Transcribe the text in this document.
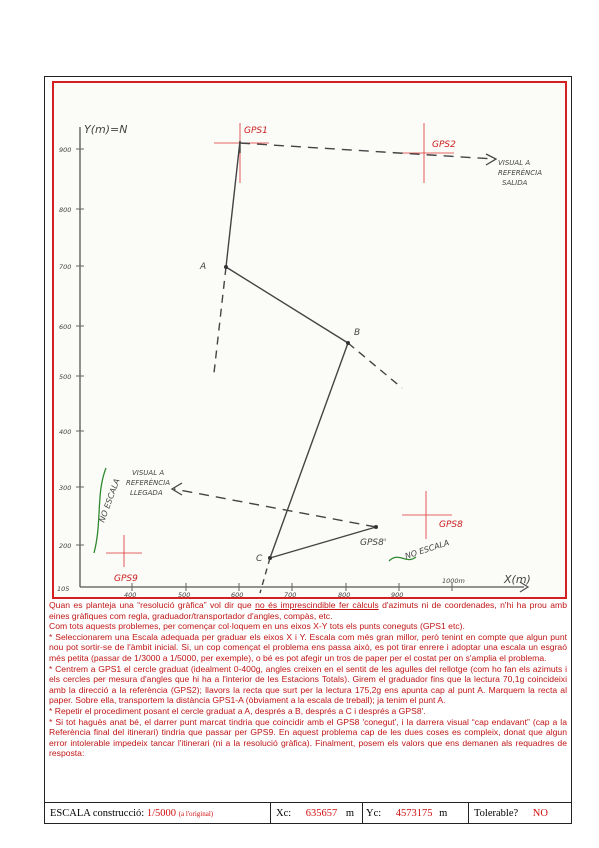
Y(m)=N
X(m)
900
800
700
600
500
400
300
200
105
400	500	600	700	800	900
1000m
GPS1
GPS2
A
B
C
GPS8
GPS8'
GPS9
VISUAL A
REFERÈNCIA
SALIDA
VISUAL A
REFERÈNCIA
LLEGADA
NO ESCALA
NO ESCALA

Quan es planteja una “resolució gràfica” vol dir que no és imprescindible fer càlculs d'azimuts ni de coordenades, n'hi ha prou amb eines gràfiques com regla, graduador/transportador d'angles, compàs, etc.

Com tots aquests problemes, per començar col·loquem en uns eixos X-Y tots els punts coneguts (GPS1 etc).

* Seleccionarem una Escala adequada per graduar els eixos X i Y. Escala com més gran millor, però tenint en compte que algun punt nou pot sortir-se de l'àmbit inicial. Si, un cop començat el problema ens passa això, es pot tirar enrere i adoptar una escala un esgraó més petita (passar de 1/3000 a 1/5000, per exemple), o bé es pot afegir un tros de paper per el costat per on s'amplia el problema.

* Centrem a GPS1 el cercle graduat (idealment 0-400g, angles creixen en el sentit de les agulles del rellotge (com ho fan els azimuts i els cercles per mesura d'angles que hi ha a l'interior de les Estacions Totals). Girem el graduador fins que la lectura 70,1g coincideixi amb la direcció a la referència (GPS2); llavors la recta que surt per la lectura 175,2g ens apunta cap al punt A. Marquem la recta al paper. Sobre ella, transportem la distància GPS1-A (òbviament a la escala de treball); ja tenim el punt A.

* Repetir el procediment posant el cercle graduat a A, després a B, després a C i després a GPS8'.

* Si tot haguès anat bé, el darrer punt marcat tindria que coincidir amb el GPS8 'conegut', i la darrera visual “cap endavant” (cap a la Referència final del itinerari) tindria que passar per GPS9. En aquest problema cap de les dues coses es compleix, donat que algun error intolerable impedeix tancar l'itinerari (ni a la resolució gràfica). Finalment, posem els valors que ens demanen als requadres de resposta:

ESCALA construcció: 1/5000 (a l'original)	Xc: 635657 m Yc: 4573175 m	Tolerable? NO
